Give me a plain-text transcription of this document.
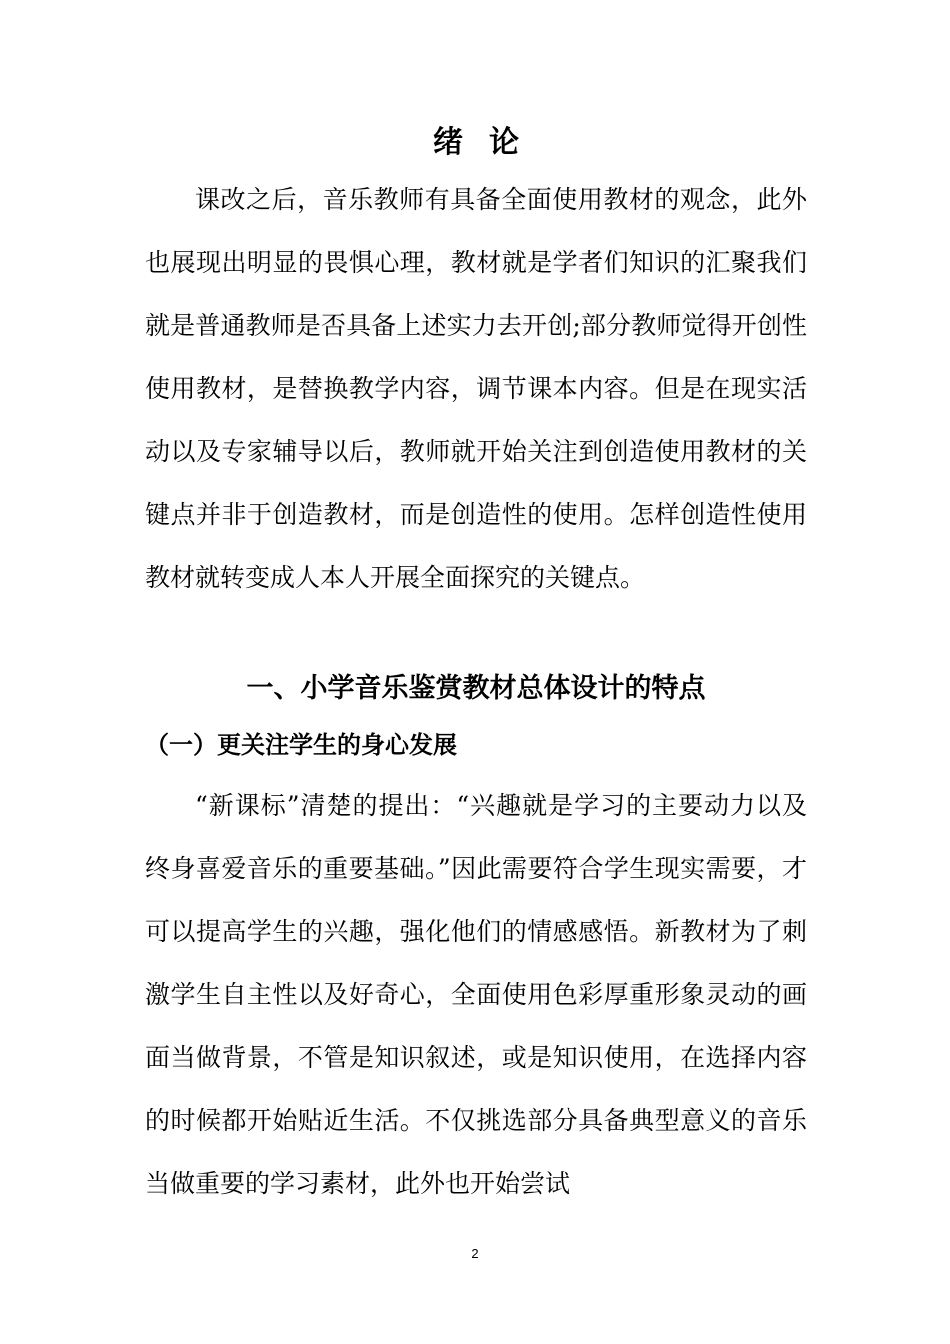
绪论

课改之后，音乐教师有具备全面使用教材的观念，此外也展现出明显的畏惧心理，教材就是学者们知识的汇聚我们就是普通教师是否具备上述实力去开创;部分教师觉得开创性使用教材，是替换教学内容，调节课本内容。但是在现实活动以及专家辅导以后，教师就开始关注到创造使用教材的关键点并非于创造教材，而是创造性的使用。怎样创造性使用教材就转变成人本人开展全面探究的关键点。

一、小学音乐鉴赏教材总体设计的特点
（一）更关注学生的身心发展

“新课标”清楚的提出：“兴趣就是学习的主要动力以及终身喜爱音乐的重要基础。”因此需要符合学生现实需要，才可以提高学生的兴趣，强化他们的情感感悟。新教材为了刺激学生自主性以及好奇心，全面使用色彩厚重形象灵动的画面当做背景，不管是知识叙述，或是知识使用，在选择内容的时候都开始贴近生活。不仅挑选部分具备典型意义的音乐当做重要的学习素材，此外也开始尝试

2
